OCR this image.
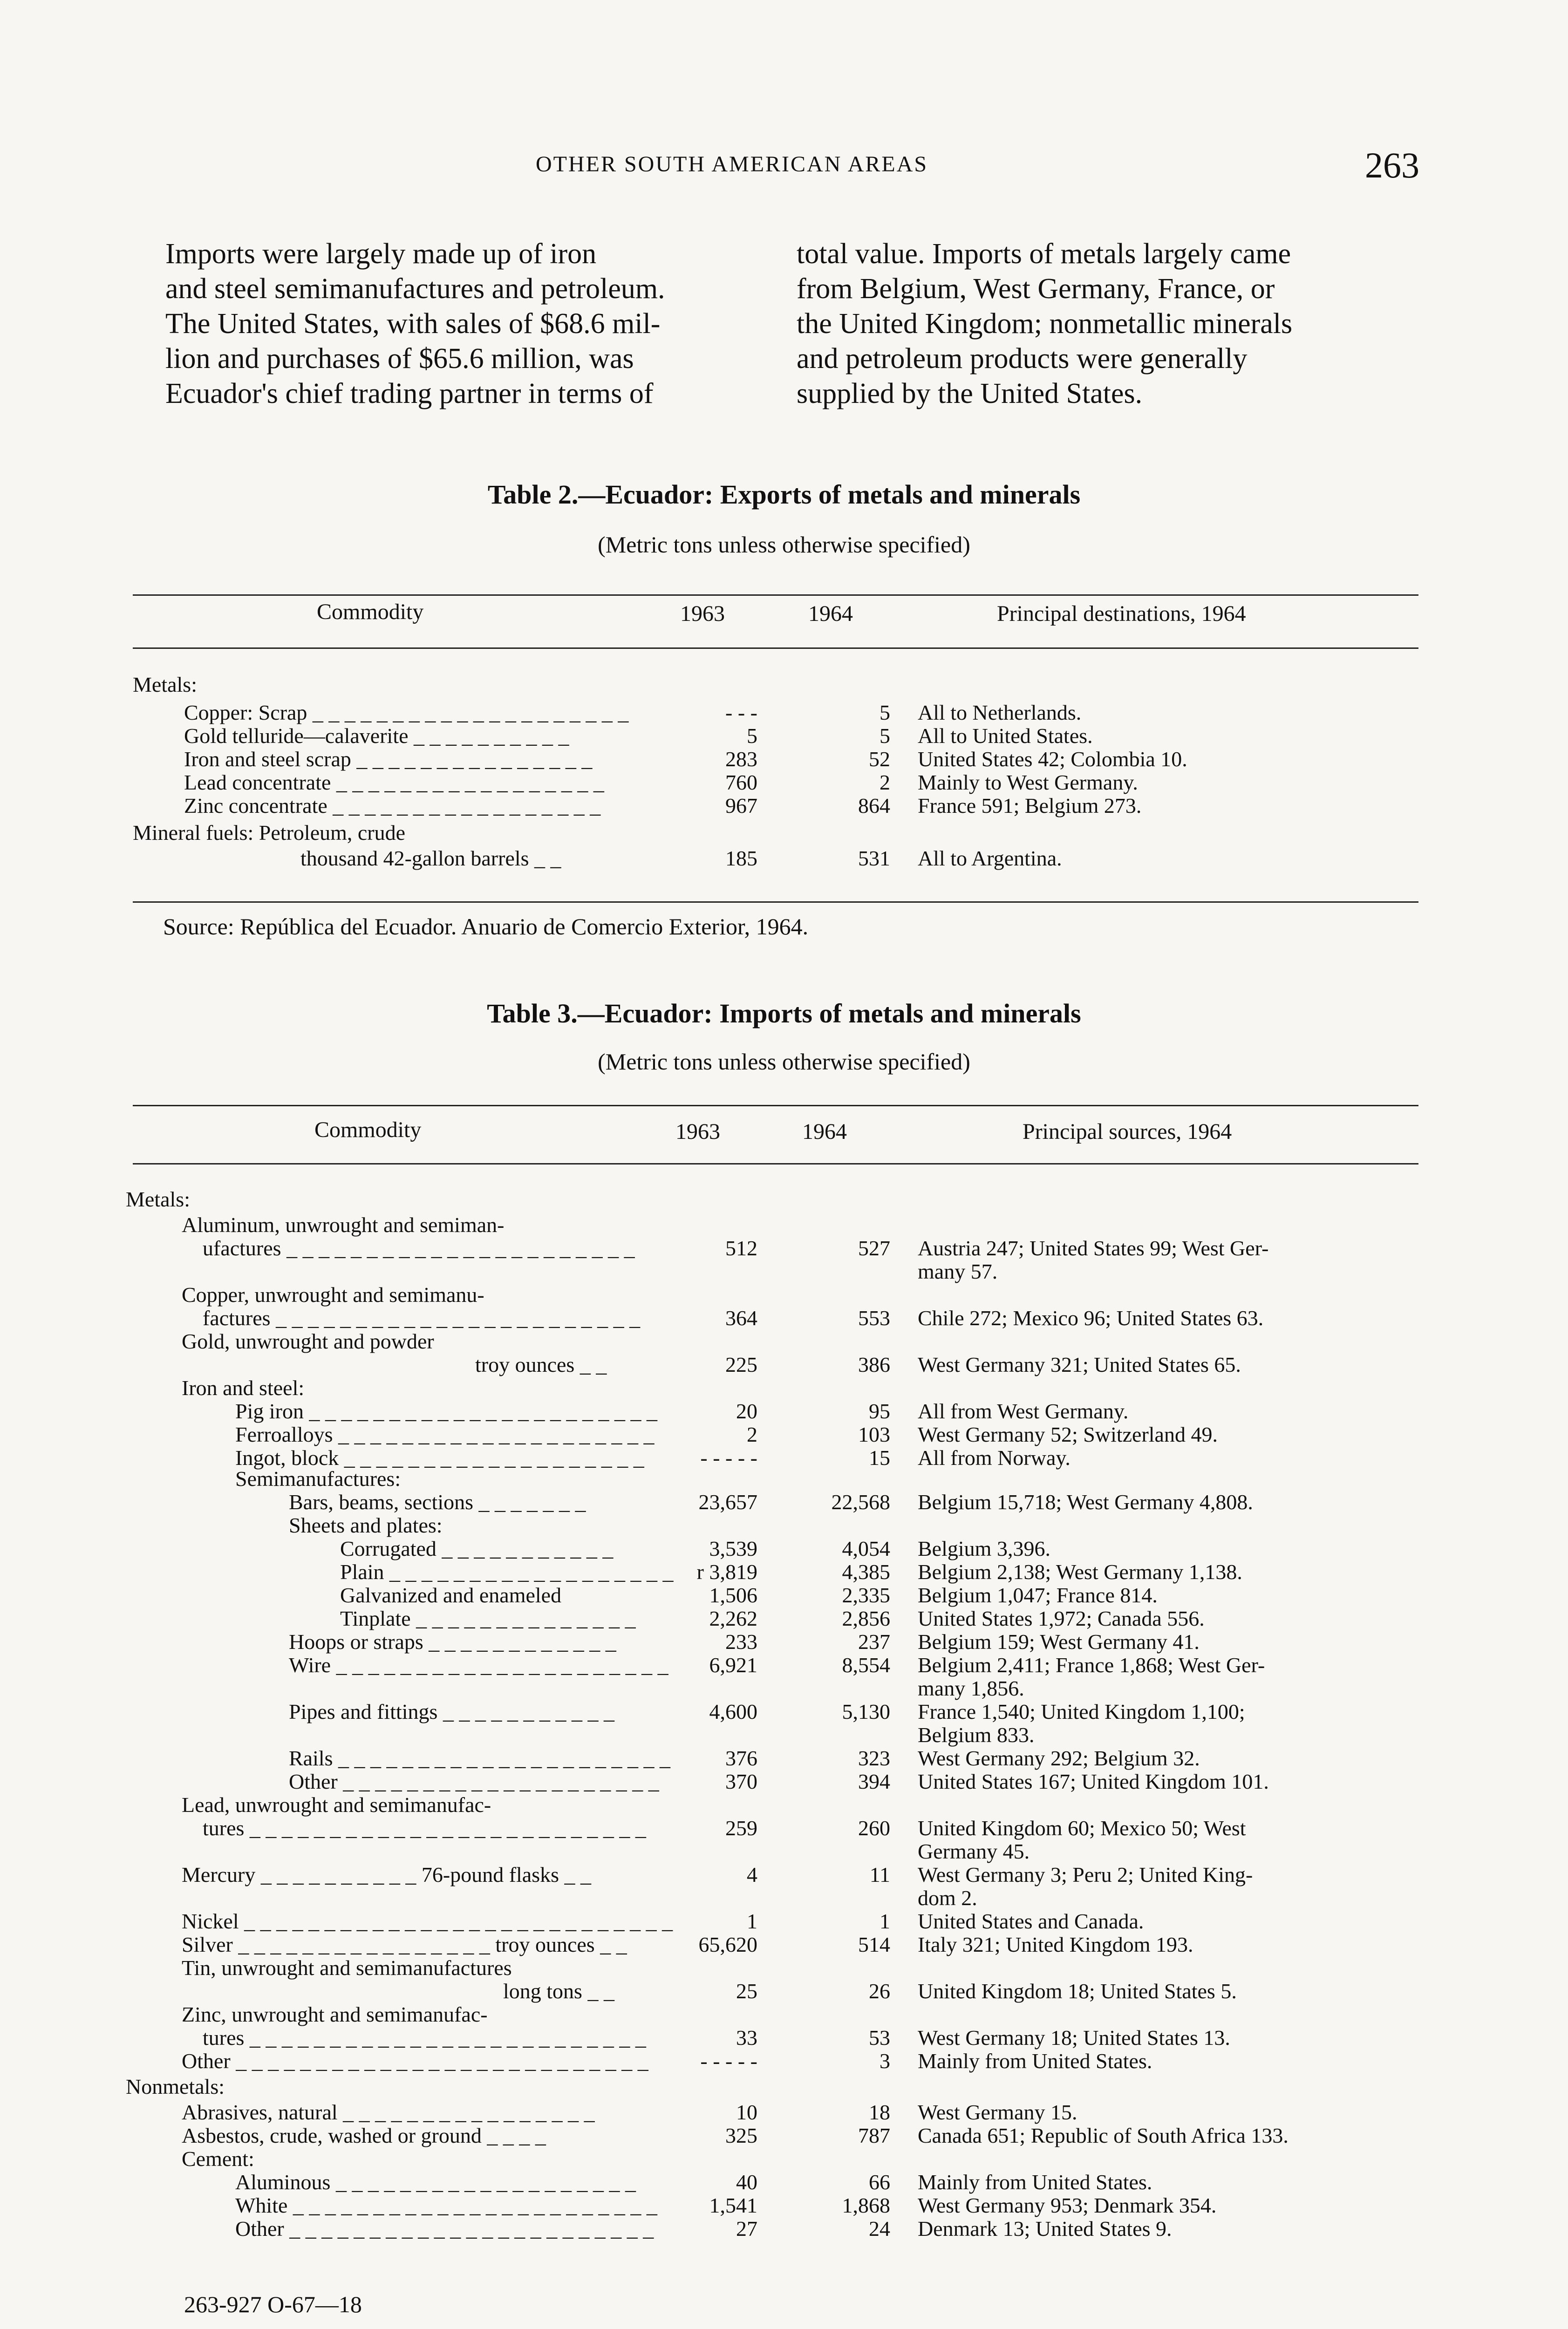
OTHER SOUTH AMERICAN AREAS	263
Imports were largely made up of iron
and steel semimanufactures and petroleum.
The United States, with sales of $68.6 mil-
lion and purchases of $65.6 million, was
Ecuador's chief trading partner in terms of
total value. Imports of metals largely came
from Belgium, West Germany, France, or
the United Kingdom; nonmetallic minerals
and petroleum products were generally
supplied by the United States.
Table 2.—Ecuador: Exports of metals and minerals
(Metric tons unless otherwise specified)
Commodity	1963	1964	Principal destinations, 1964
Metals:
Copper: Scrap _ _ _ _ _ _ _ _ _ _ _ _ _ _ _ _ _ _ _ _	- - -	5 All to Netherlands.
Gold telluride—calaverite _ _ _ _ _ _ _ _ _ _	5	5 All to United States.
Iron and steel scrap _ _ _ _ _ _ _ _ _ _ _ _ _ _ _	283	52 United States 42; Colombia 10.
Lead concentrate _ _ _ _ _ _ _ _ _ _ _ _ _ _ _ _ _	760	2 Mainly to West Germany.
Zinc concentrate _ _ _ _ _ _ _ _ _ _ _ _ _ _ _ _ _	967	864 France 591; Belgium 273.
Mineral fuels: Petroleum, crude
thousand 42-gallon barrels _ _	185	531 All to Argentina.
Source: República del Ecuador. Anuario de Comercio Exterior, 1964.
Table 3.—Ecuador: Imports of metals and minerals
(Metric tons unless otherwise specified)
Commodity	1963	1964	Principal sources, 1964
Metals:
Aluminum, unwrought and semiman-
ufactures _ _ _ _ _ _ _ _ _ _ _ _ _ _ _ _ _ _ _ _ _ _	512	527 Austria 247; United States 99; West Ger-
many 57.
Copper, unwrought and semimanu-
factures _ _ _ _ _ _ _ _ _ _ _ _ _ _ _ _ _ _ _ _ _ _ _	364	553 Chile 272; Mexico 96; United States 63.
Gold, unwrought and powder
troy ounces _ _	225	386 West Germany 321; United States 65.
Iron and steel:
Pig iron _ _ _ _ _ _ _ _ _ _ _ _ _ _ _ _ _ _ _ _ _ _	20	95 All from West Germany.
Ferroalloys _ _ _ _ _ _ _ _ _ _ _ _ _ _ _ _ _ _ _ _	2	103 West Germany 52; Switzerland 49.
Ingot, block _ _ _ _ _ _ _ _ _ _ _ _ _ _ _ _ _ _ _	- - - - -	15 All from Norway.
Semimanufactures:
Bars, beams, sections _ _ _ _ _ _ _	23,657	22,568 Belgium 15,718; West Germany 4,808.
Sheets and plates:
Corrugated _ _ _ _ _ _ _ _ _ _ _	3,539	4,054 Belgium 3,396.
Plain _ _ _ _ _ _ _ _ _ _ _ _ _ _ _ _ _ _ r 3,819	4,385 Belgium 2,138; West Germany 1,138.
Galvanized and enameled	1,506	2,335 Belgium 1,047; France 814.
Tinplate _ _ _ _ _ _ _ _ _ _ _ _ _ _	2,262	2,856 United States 1,972; Canada 556.
Hoops or straps _ _ _ _ _ _ _ _ _ _ _ _	233	237 Belgium 159; West Germany 41.
Wire _ _ _ _ _ _ _ _ _ _ _ _ _ _ _ _ _ _ _ _ _ 6,921	8,554 Belgium 2,411; France 1,868; West Ger-
many 1,856.
Pipes and fittings _ _ _ _ _ _ _ _ _ _ _	4,600	5,130 France 1,540; United Kingdom 1,100;
Belgium 833.
Rails _ _ _ _ _ _ _ _ _ _ _ _ _ _ _ _ _ _ _ _ _	376	323 West Germany 292; Belgium 32.
Other _ _ _ _ _ _ _ _ _ _ _ _ _ _ _ _ _ _ _ _	370	394 United States 167; United Kingdom 101.
Lead, unwrought and semimanufac-
tures _ _ _ _ _ _ _ _ _ _ _ _ _ _ _ _ _ _ _ _ _ _ _ _ _	259	260 United Kingdom 60; Mexico 50; West
Germany 45.
Mercury _ _ _ _ _ _ _ _ _ _ 76-pound flasks _ _	4	11 West Germany 3; Peru 2; United King-
dom 2.
Nickel _ _ _ _ _ _ _ _ _ _ _ _ _ _ _ _ _ _ _ _ _ _ _ _ _ _ _	1	1 United States and Canada.
Silver _ _ _ _ _ _ _ _ _ _ _ _ _ _ _ _ troy ounces _ _	65,620	514 Italy 321; United Kingdom 193.
Tin, unwrought and semimanufactures
long tons _ _	25	26 United Kingdom 18; United States 5.
Zinc, unwrought and semimanufac-
tures _ _ _ _ _ _ _ _ _ _ _ _ _ _ _ _ _ _ _ _ _ _ _ _ _	33	53 West Germany 18; United States 13.
Other _ _ _ _ _ _ _ _ _ _ _ _ _ _ _ _ _ _ _ _ _ _ _ _ _ _ - - - - -	3 Mainly from United States.
Nonmetals:
Abrasives, natural _ _ _ _ _ _ _ _ _ _ _ _ _ _ _ _	10	18 West Germany 15.
Asbestos, crude, washed or ground _ _ _ _	325	787 Canada 651; Republic of South Africa 133.
Cement:
Aluminous _ _ _ _ _ _ _ _ _ _ _ _ _ _ _ _ _ _ _	40	66 Mainly from United States.
White _ _ _ _ _ _ _ _ _ _ _ _ _ _ _ _ _ _ _ _ _ _ _ 1,541	1,868 West Germany 953; Denmark 354.
Other _ _ _ _ _ _ _ _ _ _ _ _ _ _ _ _ _ _ _ _ _ _ _	27	24 Denmark 13; United States 9.
263-927 O-67—18
